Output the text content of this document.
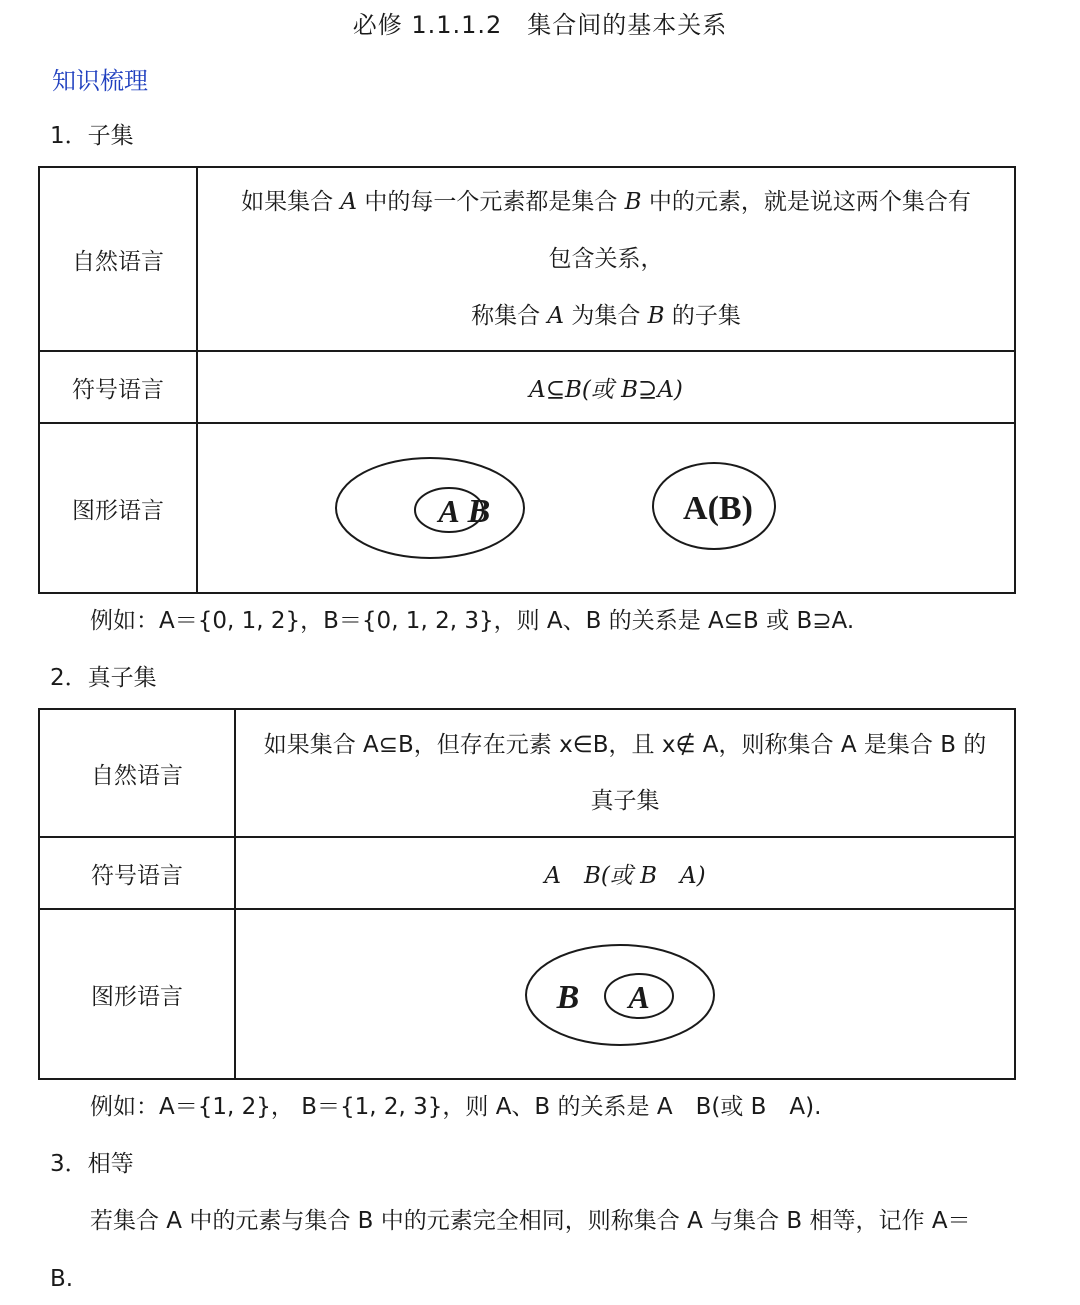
必修 1.1.1.2　集合间的基本关系
知识梳理
1．子集
自然语言	如果集合 A 中的每一个元素都是集合 B 中的元素，就是说这两个集合有
包含关系，
称集合 A 为集合 B 的子集

符号语言	A⊆B(或 B⊇A)
图形语言	B
A A(B)
例如：A＝{0, 1, 2}，B＝{0, 1, 2, 3}，则 A、B 的关系是 A⊆B 或 B⊇A.
2．真子集
自然语言	如果集合 A⊆B，但存在元素 x∈B，且 x∉ A，则称集合 A 是集合 B 的
真子集

符号语言	A　B(或 B　A)
图形语言	B A
例如：A＝{1, 2}， B＝{1, 2, 3}，则 A、B 的关系是 A　B(或 B　A).
3．相等
若集合 A 中的元素与集合 B 中的元素完全相同，则称集合 A 与集合 B 相等，记作 A＝
B.
